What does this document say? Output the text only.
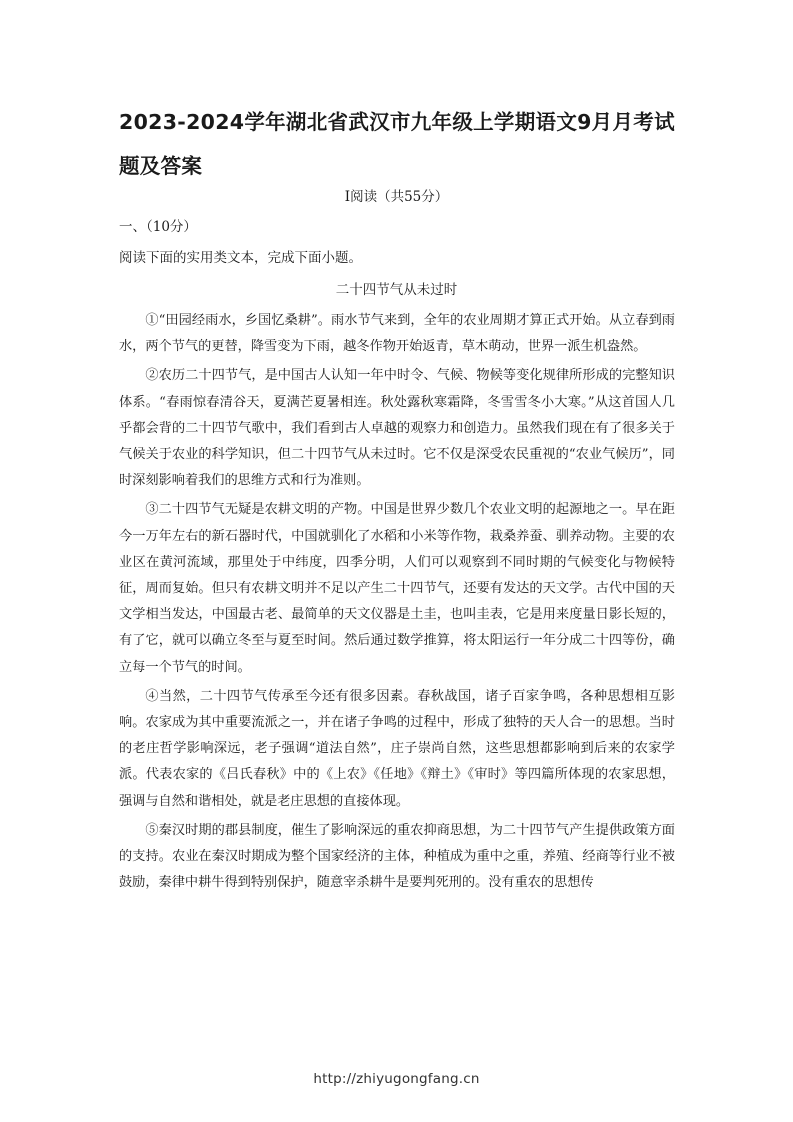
2023-2024学年湖北省武汉市九年级上学期语文9月月考试题及答案
Ⅰ阅读（共55分）
一、（10分）
阅读下面的实用类文本，完成下面小题。
二十四节气从未过时

①“田园经雨水，乡国忆桑耕”。雨水节气来到，全年的农业周期才算正式开始。从立春到雨水，两个节气的更替，降雪变为下雨，越冬作物开始返青，草木萌动，世界一派生机盎然。

②农历二十四节气，是中国古人认知一年中时令、气候、物候等变化规律所形成的完整知识体系。“春雨惊春清谷天，夏满芒夏暑相连。秋处露秋寒霜降，冬雪雪冬小大寒。”从这首国人几乎都会背的二十四节气歌中，我们看到古人卓越的观察力和创造力。虽然我们现在有了很多关于气候关于农业的科学知识，但二十四节气从未过时。它不仅是深受农民重视的“农业气候历”，同时深刻影响着我们的思维方式和行为准则。

③二十四节气无疑是农耕文明的产物。中国是世界少数几个农业文明的起源地之一。早在距今一万年左右的新石器时代，中国就驯化了水稻和小米等作物，栽桑养蚕、驯养动物。主要的农业区在黄河流域，那里处于中纬度，四季分明，人们可以观察到不同时期的气候变化与物候特征，周而复始。但只有农耕文明并不足以产生二十四节气，还要有发达的天文学。古代中国的天文学相当发达，中国最古老、最简单的天文仪器是土圭，也叫圭表，它是用来度量日影长短的，有了它，就可以确立冬至与夏至时间。然后通过数学推算，将太阳运行一年分成二十四等份，确立每一个节气的时间。

④当然，二十四节气传承至今还有很多因素。春秋战国，诸子百家争鸣，各种思想相互影响。农家成为其中重要流派之一，并在诸子争鸣的过程中，形成了独特的天人合一的思想。当时的老庄哲学影响深远，老子强调“道法自然”，庄子崇尚自然，这些思想都影响到后来的农家学派。代表农家的《吕氏春秋》中的《上农》《任地》《辩土》《审时》等四篇所体现的农家思想，强调与自然和谐相处，就是老庄思想的直接体现。

⑤秦汉时期的郡县制度，催生了影响深远的重农抑商思想，为二十四节气产生提供政策方面的支持。农业在秦汉时期成为整个国家经济的主体，种植成为重中之重，养殖、经商等行业不被鼓励，秦律中耕牛得到特别保护，随意宰杀耕牛是要判死刑的。没有重农的思想传

http://zhiyugongfang.cn
